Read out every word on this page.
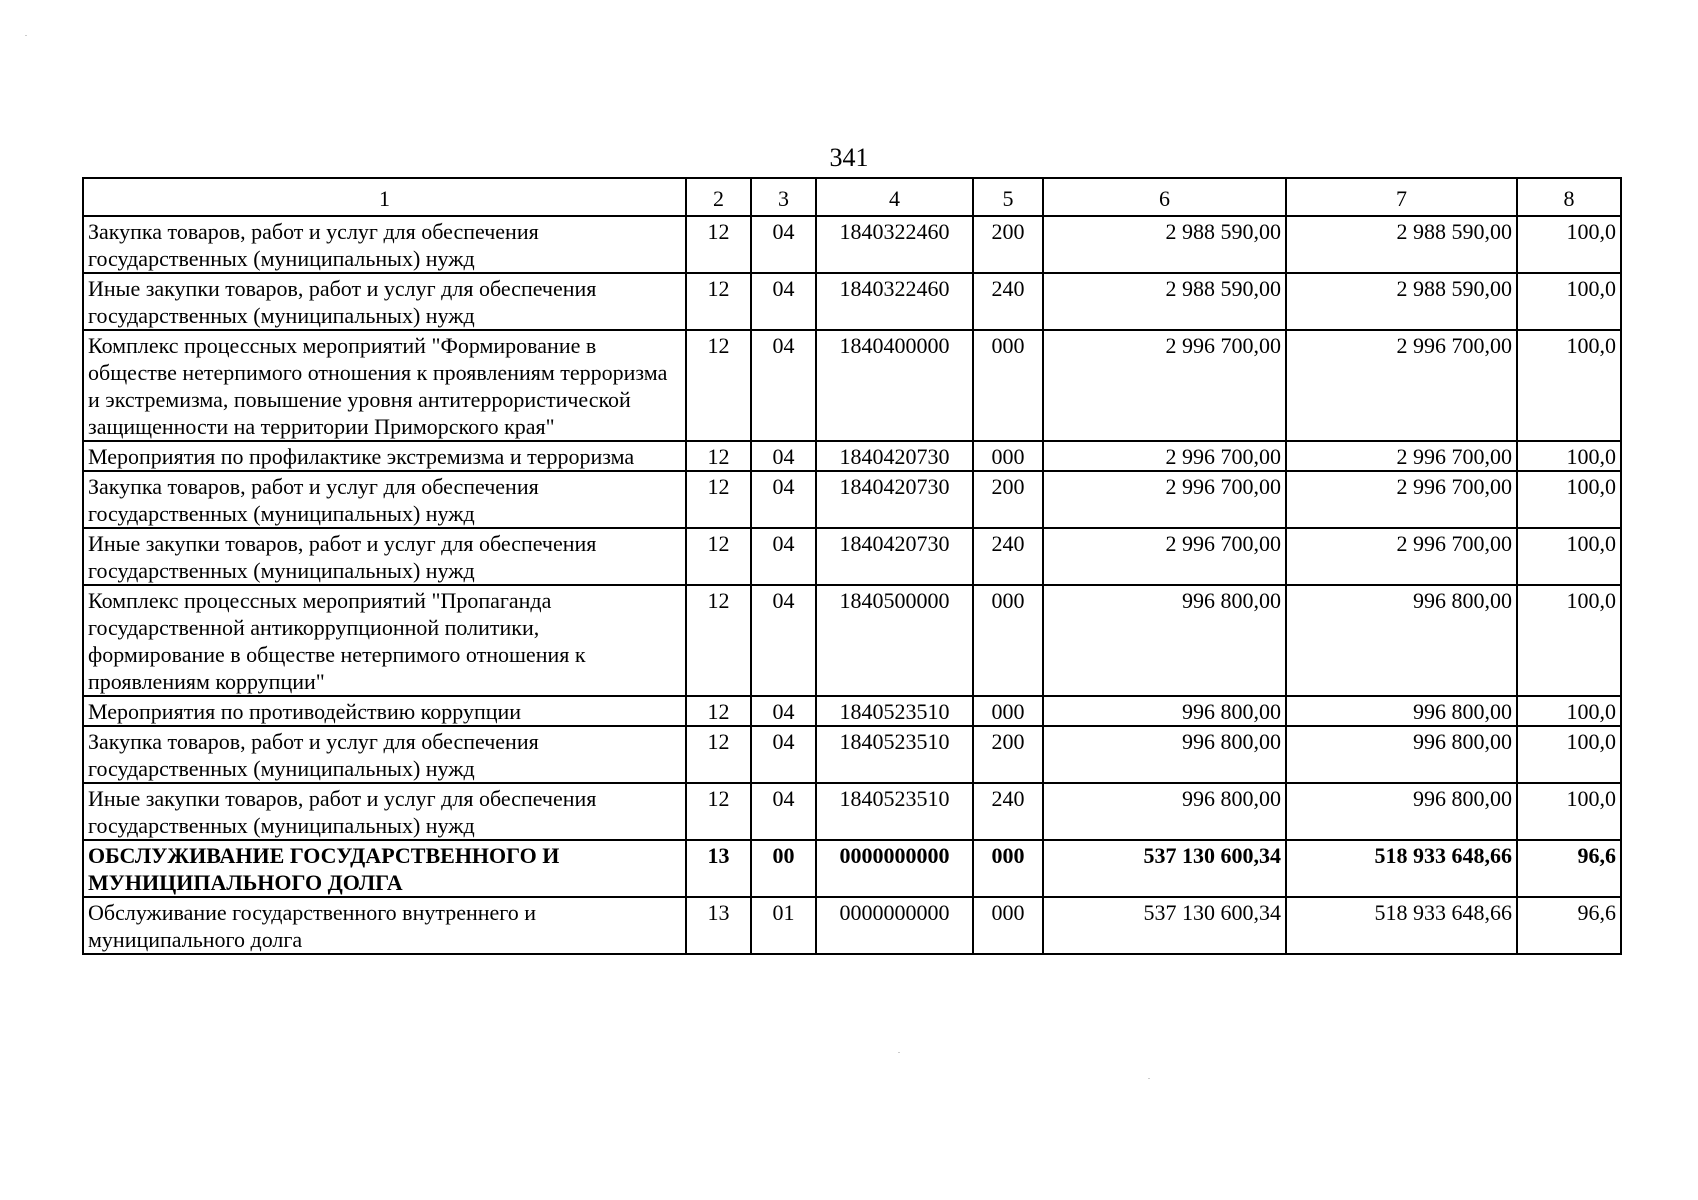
341
1	2	3	4	5	6	7	8
Закупка товаров, работ и услуг для обеспечения государственных (муниципальных) нужд	12	04	1840322460	200	2 988 590,00	2 988 590,00	100,0
Иные закупки товаров, работ и услуг для обеспечения государственных (муниципальных) нужд	12	04	1840322460	240	2 988 590,00	2 988 590,00	100,0
Комплекс процессных мероприятий "Формирование в обществе нетерпимого отношения к проявлениям терроризма и экстремизма, повышение уровня антитеррористической защищенности на территории Приморского края"	12	04	1840400000	000	2 996 700,00	2 996 700,00	100,0
Мероприятия по профилактике экстремизма и терроризма	12	04	1840420730	000	2 996 700,00	2 996 700,00	100,0
Закупка товаров, работ и услуг для обеспечения государственных (муниципальных) нужд	12	04	1840420730	200	2 996 700,00	2 996 700,00	100,0
Иные закупки товаров, работ и услуг для обеспечения государственных (муниципальных) нужд	12	04	1840420730	240	2 996 700,00	2 996 700,00	100,0
Комплекс процессных мероприятий "Пропаганда государственной антикоррупционной политики, формирование в обществе нетерпимого отношения к проявлениям коррупции"	12	04	1840500000	000	996 800,00	996 800,00	100,0
Мероприятия по противодействию коррупции	12	04	1840523510	000	996 800,00	996 800,00	100,0
Закупка товаров, работ и услуг для обеспечения государственных (муниципальных) нужд	12	04	1840523510	200	996 800,00	996 800,00	100,0
Иные закупки товаров, работ и услуг для обеспечения государственных (муниципальных) нужд	12	04	1840523510	240	996 800,00	996 800,00	100,0
ОБСЛУЖИВАНИЕ ГОСУДАРСТВЕННОГО И МУНИЦИПАЛЬНОГО ДОЛГА	13	00	0000000000	000	537 130 600,34	518 933 648,66	96,6
Обслуживание государственного внутреннего и муниципального долга	13	01	0000000000	000	537 130 600,34	518 933 648,66	96,6
